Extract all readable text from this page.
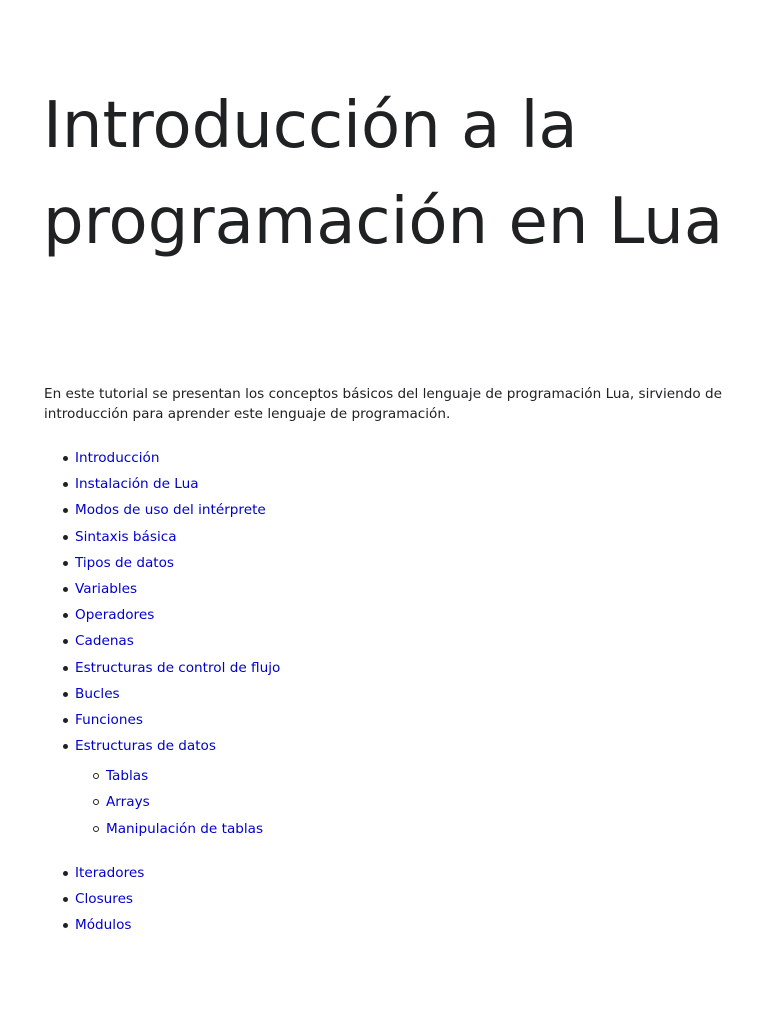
Introducción a la programación en Lua

En este tutorial se presentan los conceptos básicos del lenguaje de programación Lua, sirviendo de introducción para aprender este lenguaje de programación.

Introducción
Instalación de Lua
Modos de uso del intérprete
Sintaxis básica
Tipos de datos
Variables
Operadores
Cadenas
Estructuras de control de flujo
Bucles
Funciones
Estructuras de datos
Tablas
Arrays
Manipulación de tablas
Iteradores
Closures
Módulos
